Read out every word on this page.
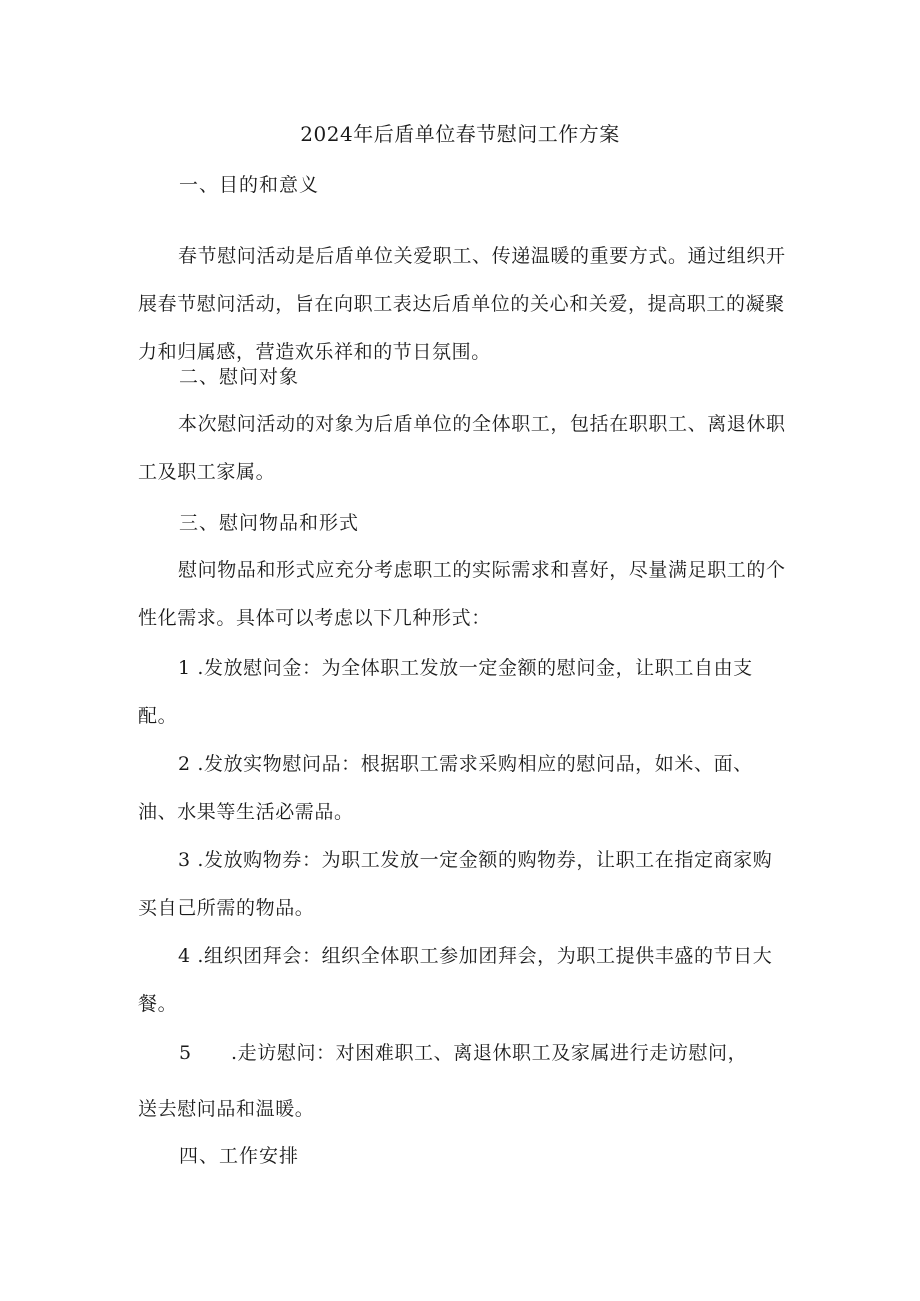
2024年后盾单位春节慰问工作方案
一、目的和意义
春节慰问活动是后盾单位关爱职工、传递温暖的重要方式。通过组织开展春节慰问活动，旨在向职工表达后盾单位的关心和关爱，提高职工的凝聚力和归属感，营造欢乐祥和的节日氛围。
二、慰问对象
本次慰问活动的对象为后盾单位的全体职工，包括在职职工、离退休职工及职工家属。
三、慰问物品和形式
慰问物品和形式应充分考虑职工的实际需求和喜好，尽量满足职工的个性化需求。具体可以考虑以下几种形式：
1 .发放慰问金：为全体职工发放一定金额的慰问金，让职工自由支配。
2 .发放实物慰问品：根据职工需求采购相应的慰问品，如米、面、油、水果等生活必需品。
3 .发放购物券：为职工发放一定金额的购物券，让职工在指定商家购买自己所需的物品。
4 .组织团拜会：组织全体职工参加团拜会，为职工提供丰盛的节日大餐。
5 .走访慰问：对困难职工、离退休职工及家属进行走访慰问，
送去慰问品和温暖。
四、工作安排
